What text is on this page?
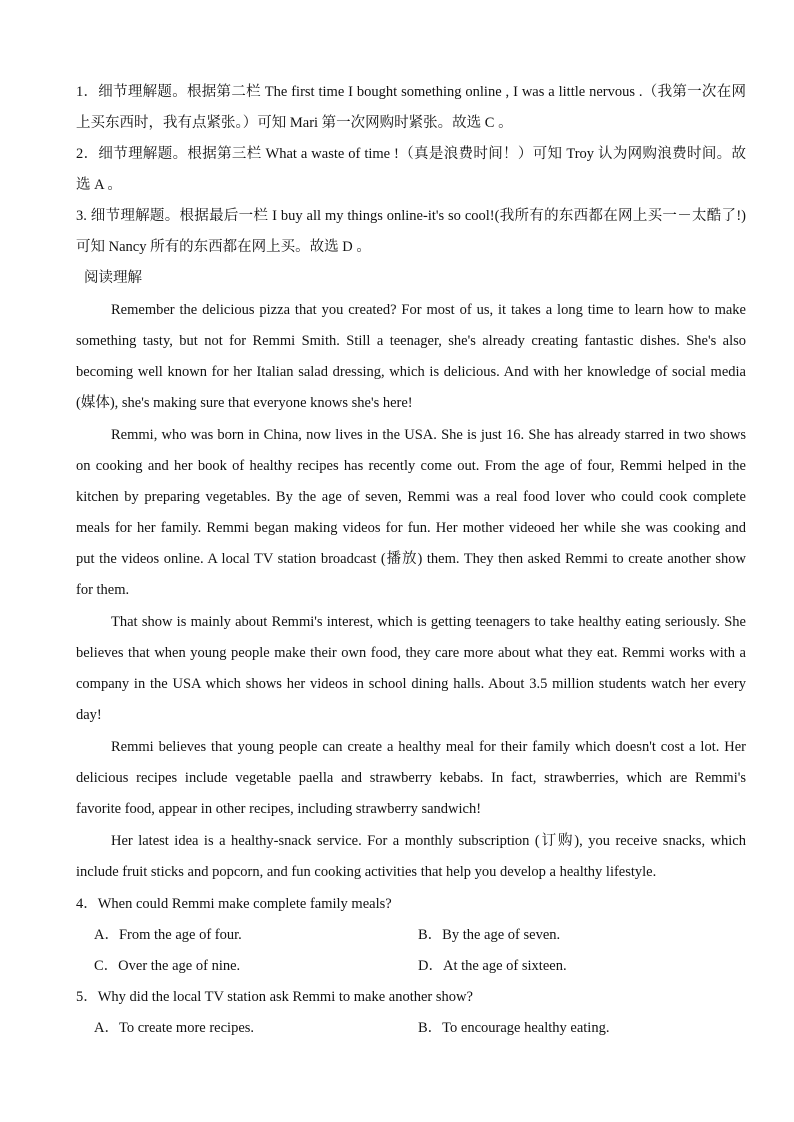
1．细节理解题。根据第二栏 The first time I bought something online , I was a little nervous .（我第一次在网
上买东西时，我有点紧张。）可知 Mari 第一次网购时紧张。故选 C 。
2．细节理解题。根据第三栏 What a waste of time !（真是浪费时间！）可知 Troy 认为网购浪费时间。故
选 A 。
3. 细节理解题。根据最后一栏 I buy all my things online-it's so cool!(我所有的东西都在网上买一－太酷了!)
可知 Nancy 所有的东西都在网上买。故选 D 。
阅读理解
Remember the delicious pizza that you created? For most of us, it takes a long time to learn how to make
something tasty, but not for Remmi Smith. Still a teenager, she's already creating fantastic dishes. She's also
becoming well known for her Italian salad dressing, which is delicious. And with her knowledge of social media
(媒体), she's making sure that everyone knows she's here!
Remmi, who was born in China, now lives in the USA. She is just 16. She has already starred in two shows
on cooking and her book of healthy recipes has recently come out. From the age of four, Remmi helped in the
kitchen by preparing vegetables. By the age of seven, Remmi was a real food lover who could cook complete
meals for her family. Remmi began making videos for fun. Her mother videoed her while she was cooking and
put the videos online. A local TV station broadcast (播放) them. They then asked Remmi to create another show
for them.
That show is mainly about Remmi's interest, which is getting teenagers to take healthy eating seriously. She
believes that when young people make their own food, they care more about what they eat. Remmi works with a
company in the USA which shows her videos in school dining halls. About 3.5 million students watch her every
day!
Remmi believes that young people can create a healthy meal for their family which doesn't cost a lot. Her
delicious recipes include vegetable paella and strawberry kebabs. In fact, strawberries, which are Remmi's
favorite food, appear in other recipes, including strawberry sandwich!
Her latest idea is a healthy-snack service. For a monthly subscription (订购), you receive snacks, which
include fruit sticks and popcorn, and fun cooking activities that help you develop a healthy lifestyle.
4．When could Remmi make complete family meals?
A．From the age of four.	B．By the age of seven.
C．Over the age of nine.	D．At the age of sixteen.
5．Why did the local TV station ask Remmi to make another show?
A．To create more recipes.	B．To encourage healthy eating.
